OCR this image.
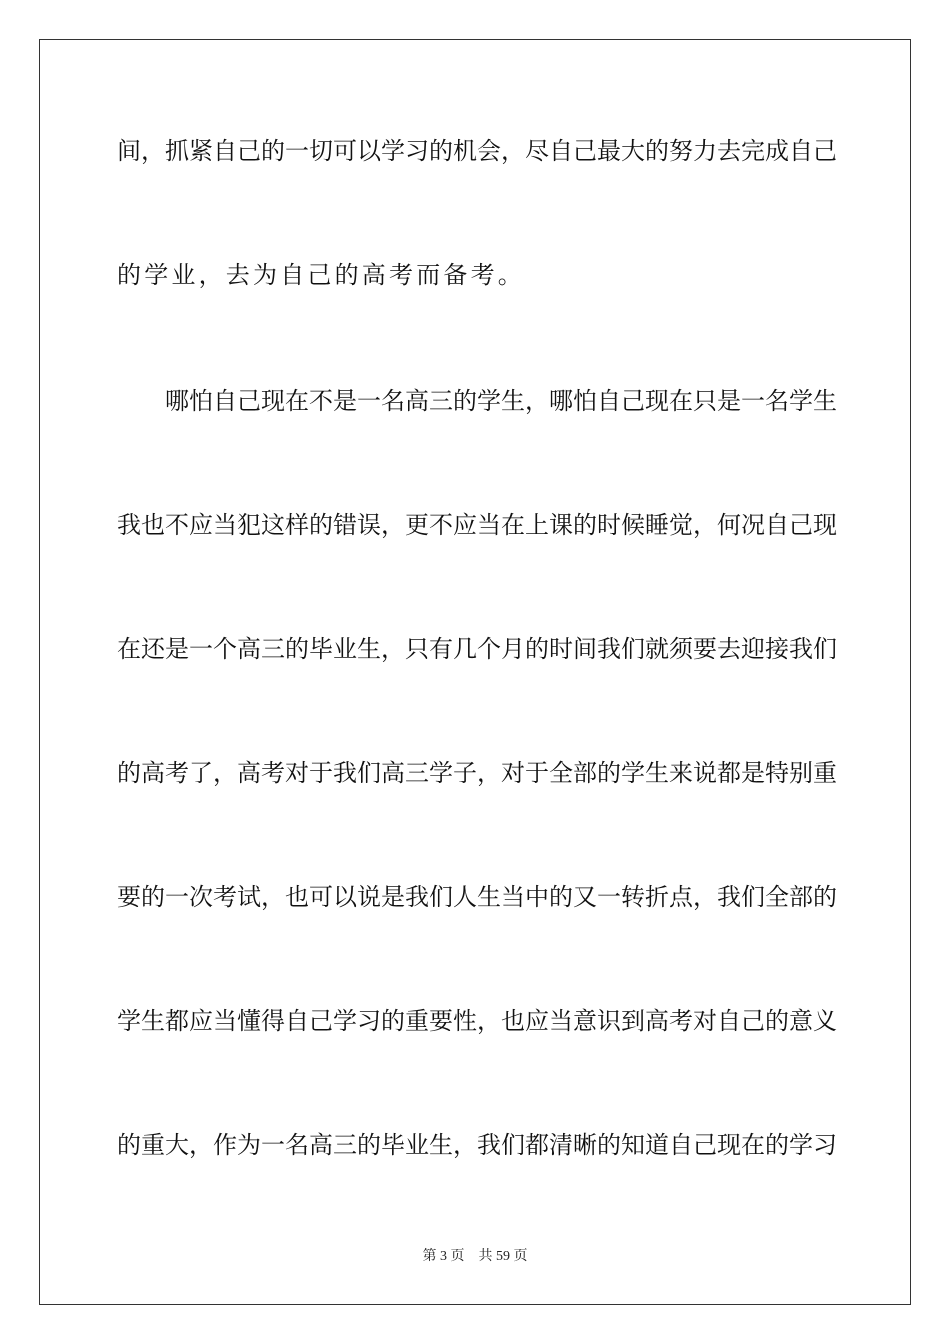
间，抓紧自己的一切可以学习的机会，尽自己最大的努力去完成自己
的学业，去为自己的高考而备考。
哪怕自己现在不是一名高三的学生，哪怕自己现在只是一名学生
我也不应当犯这样的错误，更不应当在上课的时候睡觉，何况自己现
在还是一个高三的毕业生，只有几个月的时间我们就须要去迎接我们
的高考了，高考对于我们高三学子，对于全部的学生来说都是特别重
要的一次考试，也可以说是我们人生当中的又一转折点，我们全部的
学生都应当懂得自己学习的重要性，也应当意识到高考对自己的意义
的重大，作为一名高三的毕业生，我们都清晰的知道自己现在的学习
第 3 页 共 59 页
